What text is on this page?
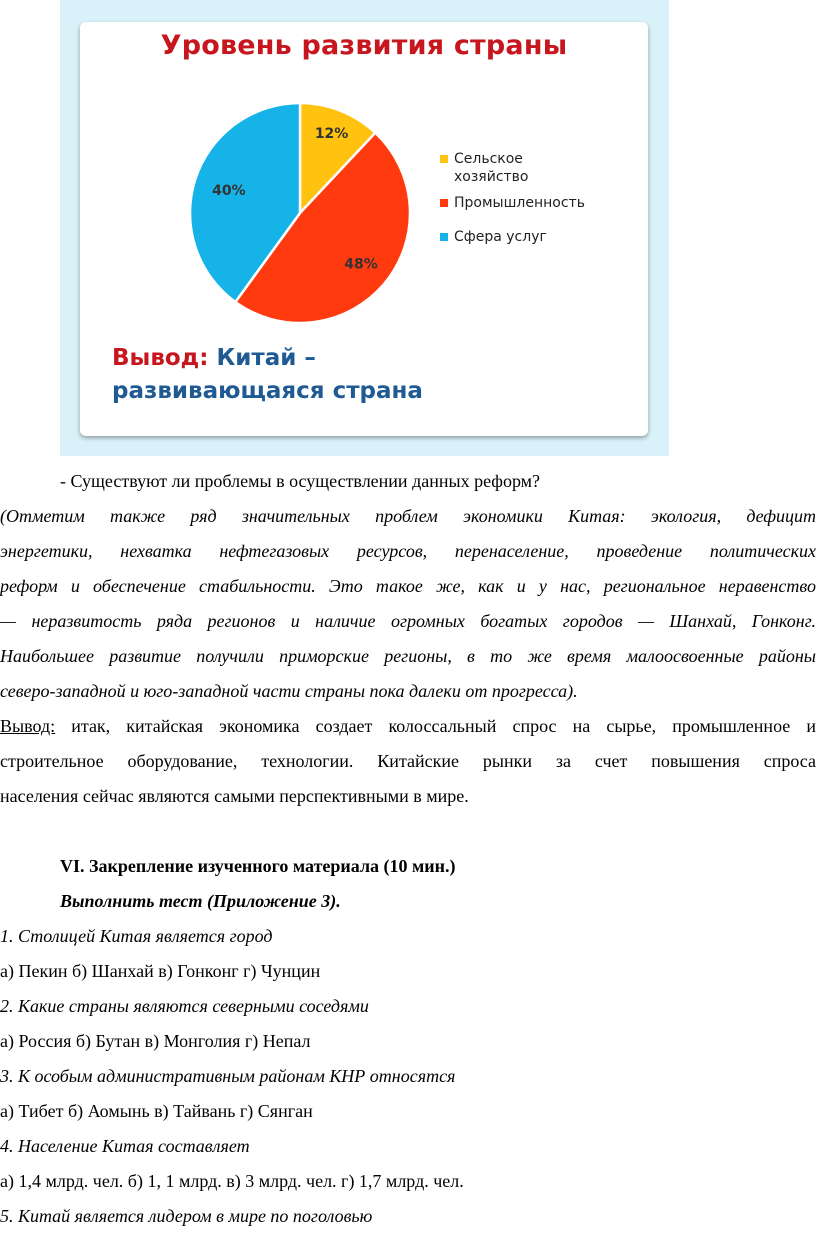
Уровень развития страны
12%
48%
40%
Сельское
хозяйство
Промышленность
Сфера услуг
Вывод: Китай –
развивающаяся страна
- Существуют ли проблемы в осуществлении данных реформ?
(Отметим также ряд значительных проблем экономики Китая: экология, дефицит
энергетики, нехватка нефтегазовых ресурсов, перенаселение, проведение политических
реформ и обеспечение стабильности. Это такое же, как и у нас, региональное неравенство
— неразвитость ряда регионов и наличие огромных богатых городов — Шанхай, Гонконг.
Наибольшее развитие получили приморские регионы, в то же время малоосвоенные районы
северо-западной и юго-западной части страны пока далеки от прогресса).
Вывод: итак, китайская экономика создает колоссальный спрос на сырье, промышленное и
строительное оборудование, технологии. Китайские рынки за счет повышения спроса
населения сейчас являются самыми перспективными в мире.
VI. Закрепление изученного материала (10 мин.)
Выполнить тест (Приложение 3).
1. Столицей Китая является город
а) Пекин б) Шанхай в) Гонконг г) Чунцин
2. Какие страны являются северными соседями
а) Россия б) Бутан в) Монголия г) Непал
3. К особым административным районам КНР относятся
а) Тибет б) Аомынь в) Тайвань г) Сянган
4. Население Китая составляет
а) 1,4 млрд. чел. б) 1, 1 млрд. в) 3 млрд. чел. г) 1,7 млрд. чел.
5. Китай является лидером в мире по поголовью
